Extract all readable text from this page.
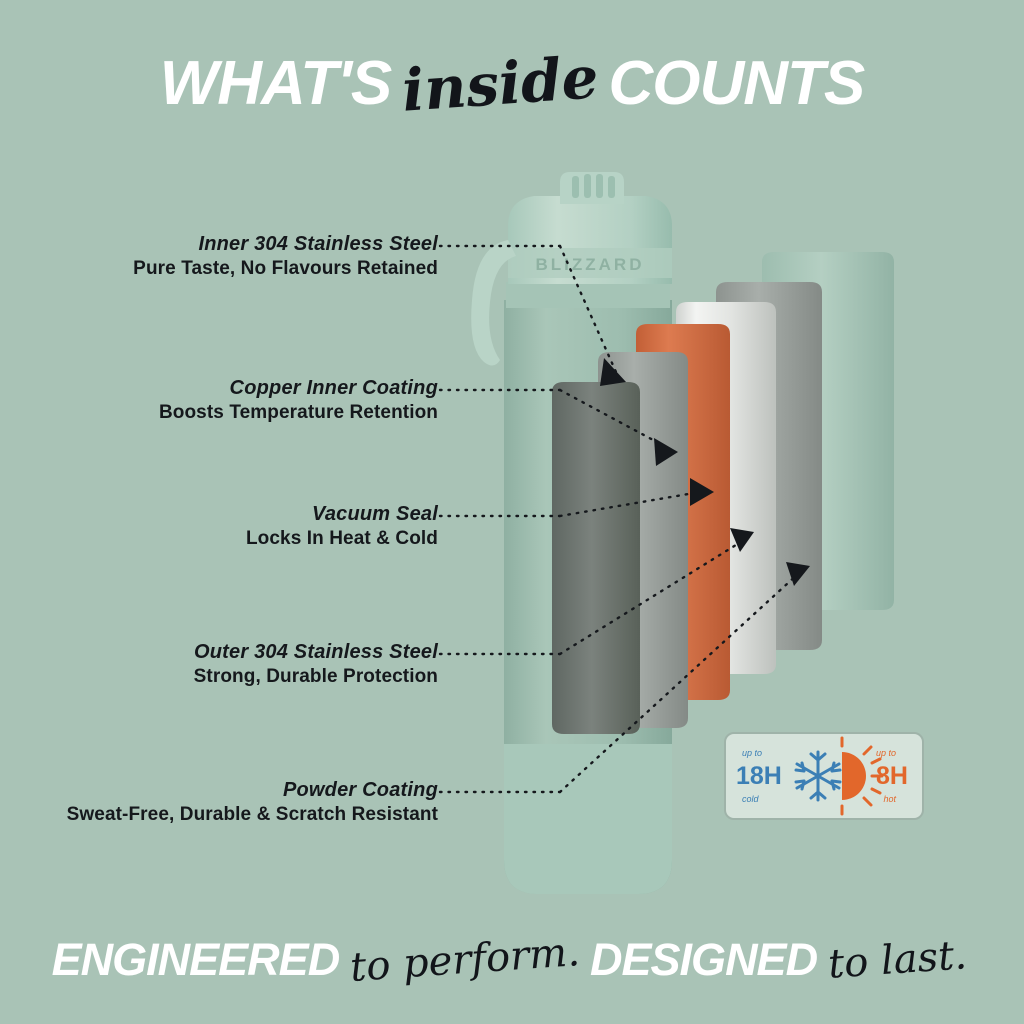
WHAT'S inside COUNTS
BLIZZARD
Inner 304 Stainless Steel
Pure Taste, No Flavours Retained
Copper Inner Coating
Boosts Temperature Retention
Vacuum Seal
Locks In Heat & Cold
Outer 304 Stainless Steel
Strong, Durable Protection
Powder Coating
Sweat-Free, Durable & Scratch Resistant
up to
18H
cold
up to
8H
hot
ENGINEERED to perform. DESIGNED to last.
